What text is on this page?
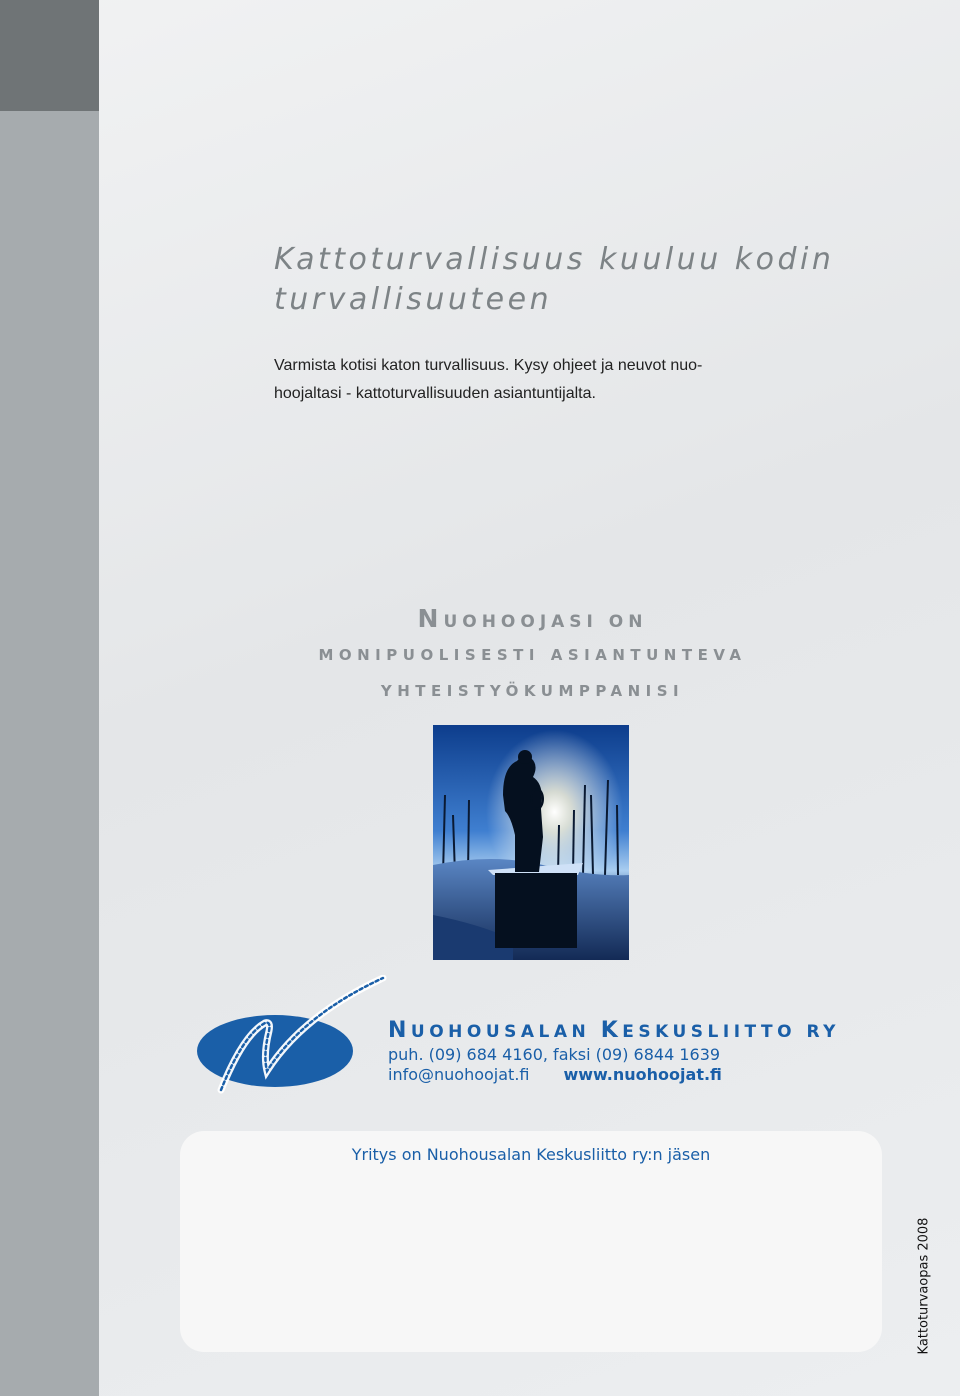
Kattoturvallisuus kuuluu kodin
turvallisuuteen

Varmista kotisi katon turvallisuus. Kysy ohjeet ja neuvot nuo-
hoojaltasi - kattoturvallisuuden asiantuntijalta.

NUOHOOJASI ON
MONIPUOLISESTI ASIANTUNTEVA
YHTEISTYÖKUMPPANISI
NUOHOUSALAN KESKUSLIITTO RY
puh. (09) 684 4160, faksi (09) 6844 1639
info@nuohoojat.fi www.nuohoojat.fi
Yritys on Nuohousalan Keskusliitto ry:n jäsen
Kattoturvaopas 2008
